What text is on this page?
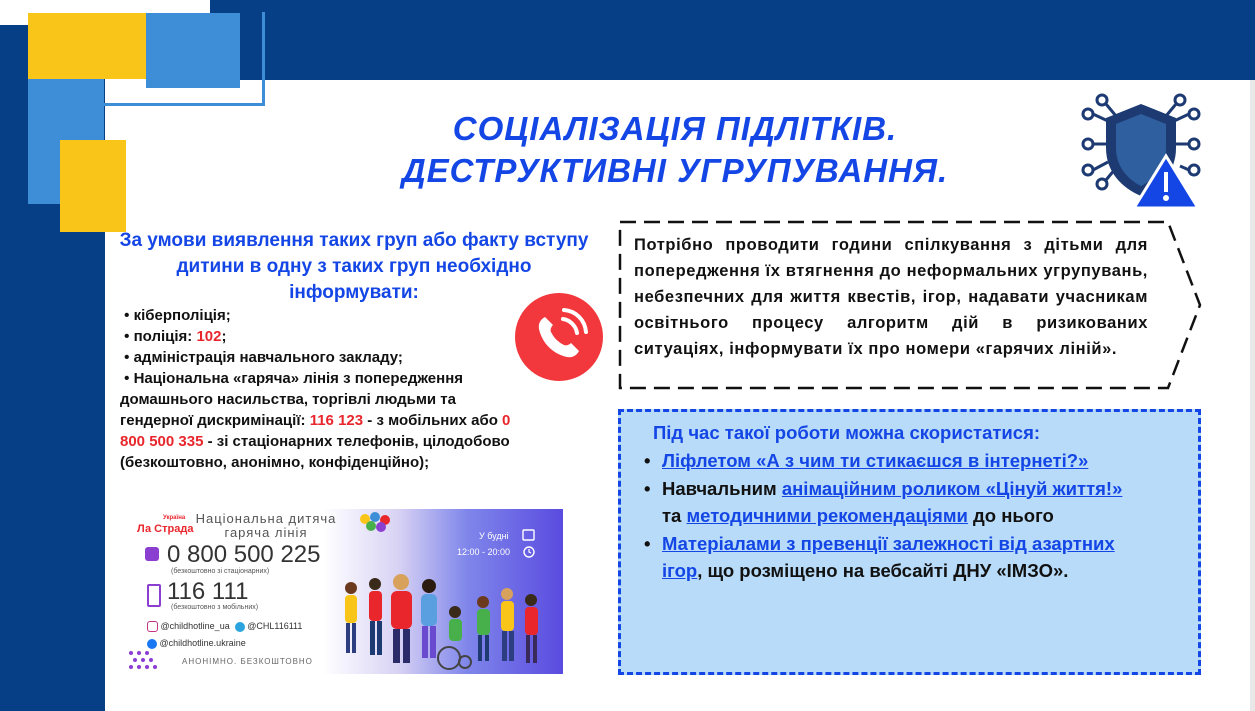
СОЦІАЛІЗАЦІЯ ПІДЛІТКІВ.
ДЕСТРУКТИВНІ УГРУПУВАННЯ.
За умови виявлення таких груп або факту вступу дитини в одну з таких груп необхідно інформувати:

• кіберполіція;

• поліція: 102;

• адміністрація навчального закладу;

• Національна «гаряча» лінія з попередження домашнього насильства, торгівлі людьми та гендерної дискримінації: 116 123 - з мобільних або 0 800 500 335 - зі стаціонарних телефонів, цілодобово (безкоштовно, анонімно, конфіденційно);

Україна
Ла Страда
Національна дитяча гаряча лінія
0 800 500 225
(безкоштовно зі стаціонарних)
116 111
(безкоштовно з мобільних)
@childhotline_ua @CHL116111
@childhotline.ukraine
АНОНІМНО. БЕЗКОШТОВНО
У будні
12:00 - 20:00
Потрібно проводити години спілкування з дітьми для попередження їх втягнення до неформальних угрупувань, небезпечних для життя квестів, ігор, надавати учасникам освітнього процесу алгоритм дій в ризикованих ситуаціях, інформувати їх про номери «гарячих ліній».
Під час такої роботи можна скористатися:
• Ліфлетом «А з чим ти стикаєшся в інтернеті?»
• Навчальним анімаційним роликом «Цінуй життя!» та методичними рекомендаціями до нього
• Матеріалами з превенції залежності від азартних ігор, що розміщено на вебсайті ДНУ «ІМЗО».
